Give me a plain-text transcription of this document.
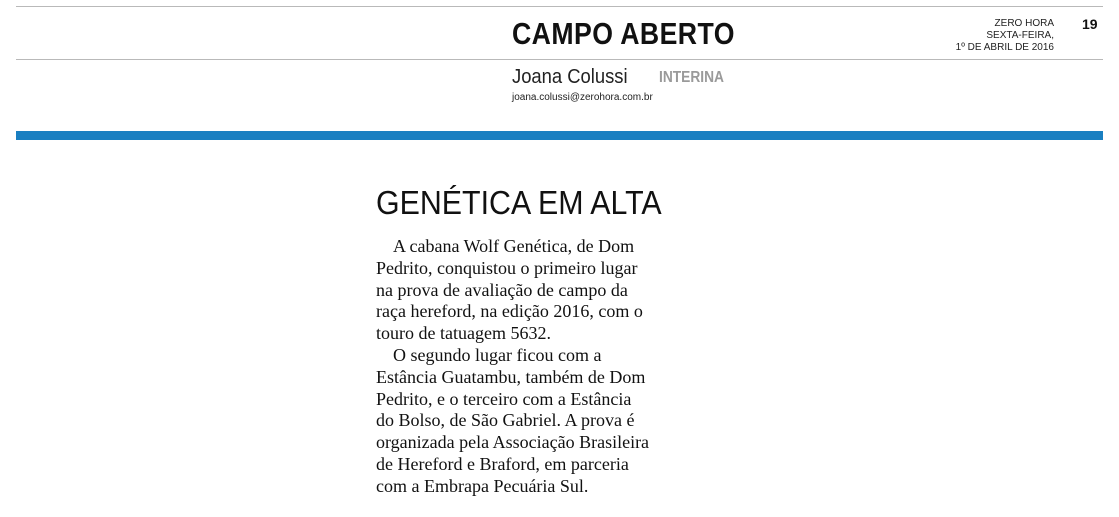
CAMPO ABERTO	ZERO HORA
SEXTA-FEIRA,
1º DE ABRIL DE 2016
19
Joana Colussi INTERINA
joana.colussi@zerohora.com.br
GENÉTICA EM ALTA
A cabana Wolf Genética, de Dom
Pedrito, conquistou o primeiro lugar
na prova de avaliação de campo da
raça hereford, na edição 2016, com o
touro de tatuagem 5632.
O segundo lugar ficou com a
Estância Guatambu, também de Dom
Pedrito, e o terceiro com a Estância
do Bolso, de São Gabriel. A prova é
organizada pela Associação Brasileira
de Hereford e Braford, em parceria
com a Embrapa Pecuária Sul.
